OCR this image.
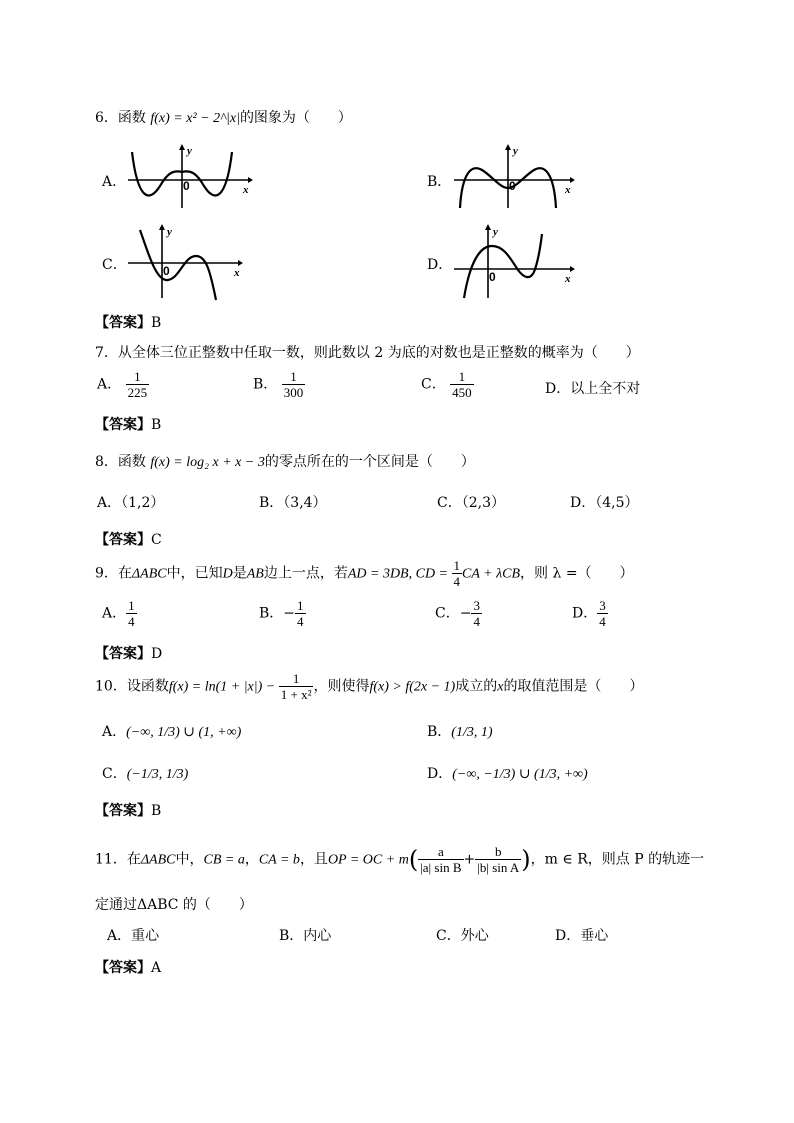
6．函数 f(x) = x² − 2^|x|的图象为（　　）
A．
y
x
0	B．
y
x
0
C．
y
x
0	D．
y
x
0
【答案】B
7．从全体三位正整数中任取一数，则此数以 2 为底的对数也是正整数的概率为（　　）
A． $\frac{1}{225}$	B． $\frac{1}{300}$	C． $\frac{1}{450}$	D．以上全不对
【答案】B
8．函数 f(x) = log₂ x + x − 3的零点所在的一个区间是（　　）
A．（1,2）	B．（3,4）	C．（2,3）	D．（4,5）
【答案】C
9．在ΔABC中，已知D是AB边上一点，若AD = 3DB, CD = $\frac{1}{4}$ CA + λCB，则 λ =（　　）
A． $\frac{1}{4}$	B．− $\frac{1}{4}$	C．− $\frac{3}{4}$	D． $\frac{3}{4}$
【答案】D
10．设函数$f(x) = \ln(1 + |x|) - \frac{1}{\text{1 + x²}}$ ，则使得f(x) > f(2x − 1)成立的x的取值范围是（　　）
A．(−∞, 1/3) ∪ (1, +∞)	B．(1/3, 1)
C．(−1/3, 1/3)	D．(−∞, −1/3) ∪ (1/3, +∞)
【答案】B
11．在ΔABC中，CB = a，CA = b，且OP = OC + $m( \frac{a}{\text{|a| sin B}} + \frac{b}{\text{|b| sin A}}$ )，m ∈ R，则点 P 的轨迹一
定通过ΔABC 的（　　）
A．重心	B．内心	C．外心	D．垂心
【答案】A
